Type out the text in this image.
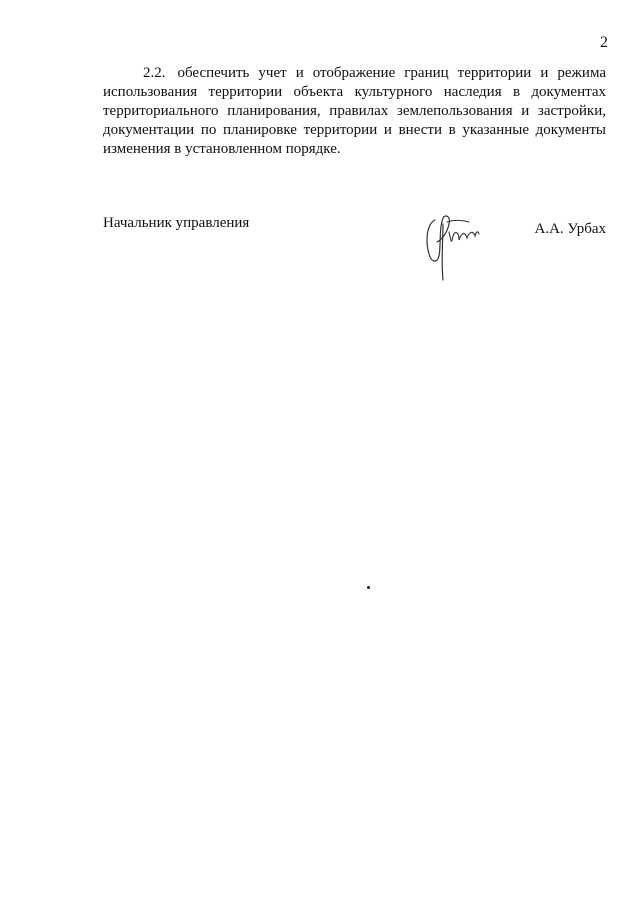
2
2.2. обеспечить учет и отображение границ территории и режима использования территории объекта культурного наследия в документах территориального планирования, правилах землепользования и застройки, документации по планировке территории и внести в указанные документы изменения в установленном порядке.
Начальник управления	А.А. Урбах
